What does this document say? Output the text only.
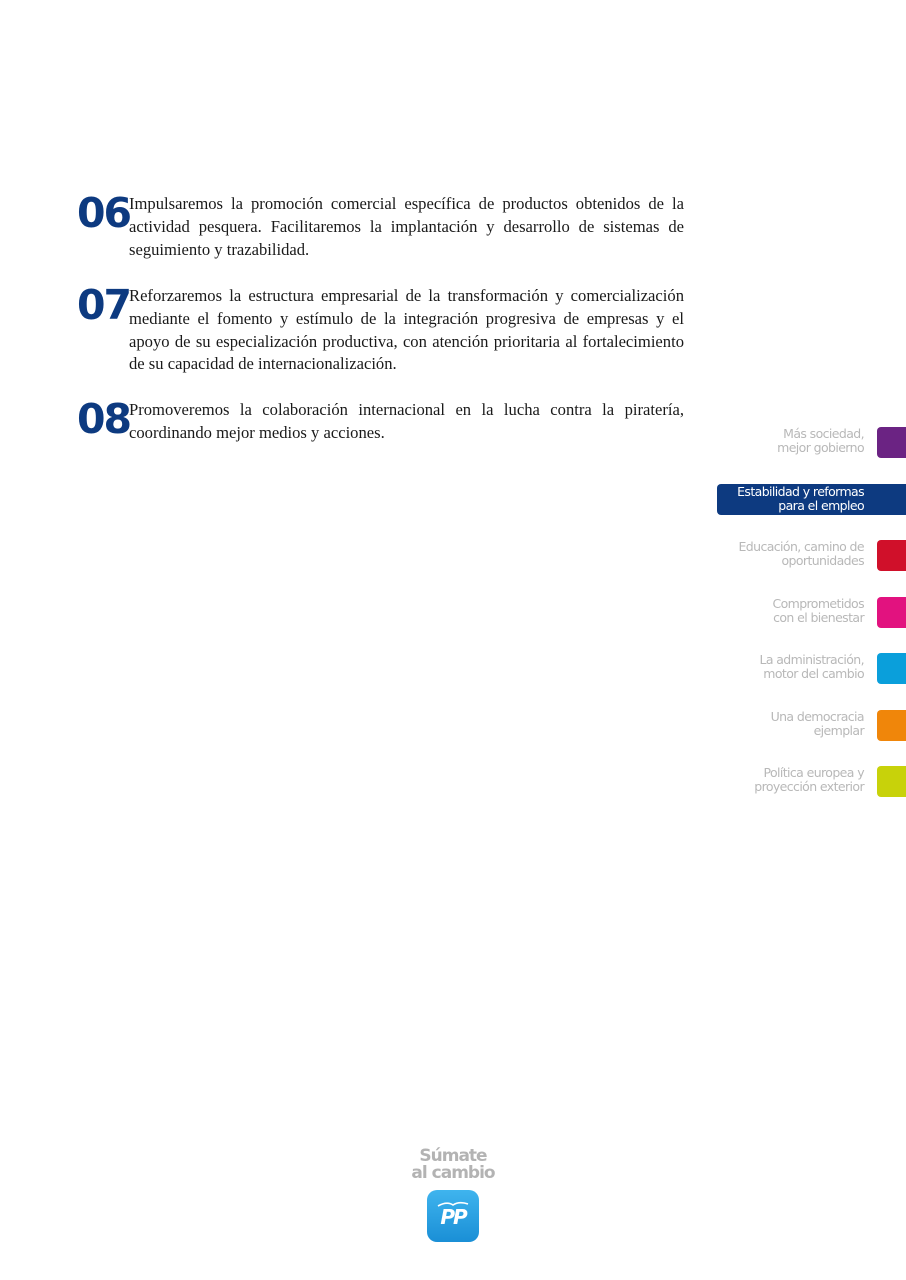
06

Impulsaremos la promoción comercial específica de productos obtenidos de la actividad pesquera. Facilitaremos la implantación y desarrollo de sistemas de seguimiento y trazabilidad.

07

Reforzaremos la estructura empresarial de la transformación y comercialización mediante el fomento y estímulo de la integración progresiva de empresas y el apoyo de su especialización productiva, con atención prioritaria al fortalecimiento de su capacidad de internacionalización.

08

Promoveremos la colaboración internacional en la lucha contra la piratería, coordinando mejor medios y acciones.	Más sociedad,
mejor gobierno
Estabilidad y reformas
para el empleo
Educación, camino de
oportunidades
Comprometidos
con el bienestar
La administración,
motor del cambio
Una democracia
ejemplar
Política europea y
proyección exterior
Súmate
al cambio
PP
